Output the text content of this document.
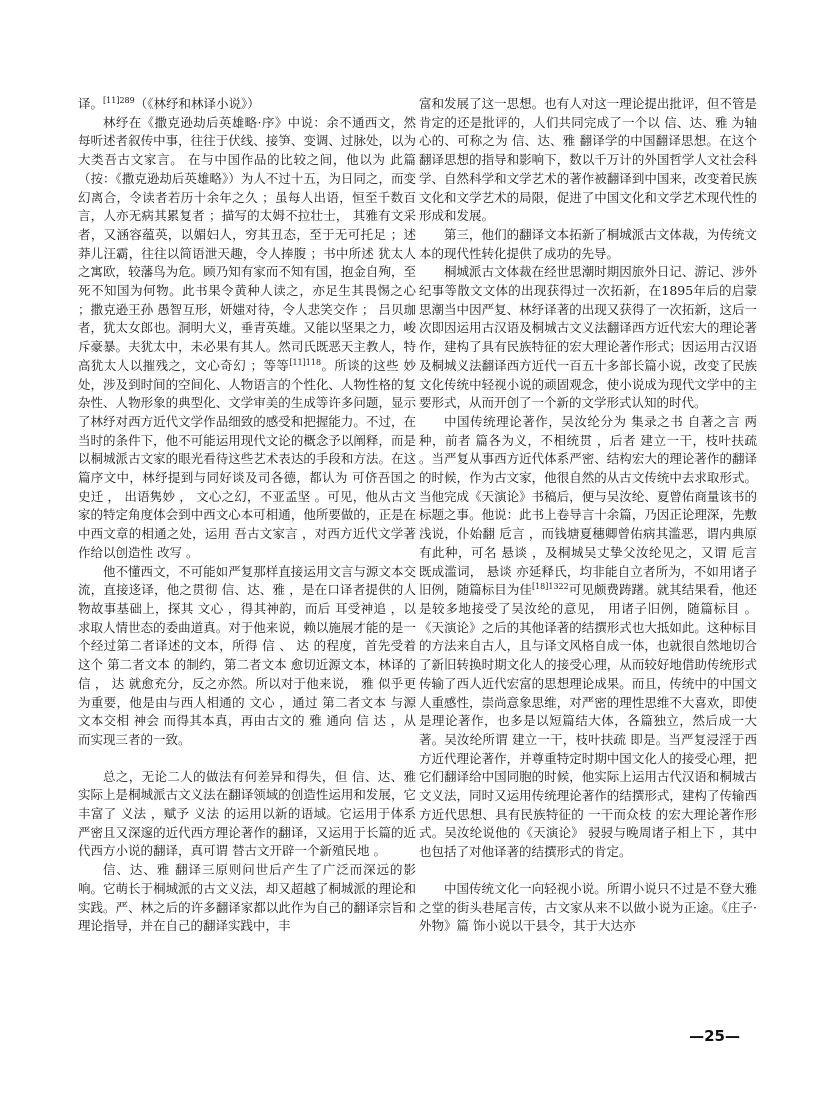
译。$^{[11]289}$（《林纾和林译小说》）

林纾在《撒克逊劫后英雄略·序》中说：余不通西文，然每听述者叙传中事，往往于伏线、接笋、变调、过脉处，以为大类吾古文家言。 在与中国作品的比较之间，他以为 此篇（按：《撒克逊劫后英雄略》）为人不过十五，为日同之，而变幻离合，令读者若历十余年之久 ；虽每人出语，恒至千数百言，人亦无病其累复者 ；描写的太姆不拉壮士， 其雅有文采者，又涵容蕴英，以媚妇人，穷其丑态，至于无可托足 ；述莽儿汪霸，往往以简语泄天趣，令人捧腹 ；书中所述 犹太人之寓欧，较藩鸟为危。顾乃知有家而不知有国，抱金自殉，至死不知国为何物。此书果令黄种人读之，亦足生其畏惕之心 ；撒克逊王孙 愚智互形，妍媸对待，令人悲笑交作 ； 吕贝珈者，犹太女郎也。洞明大义，垂青英雄。又能以坚果之力，峻斥豪暴。夫犹太中，未必果有其人。然司氏既恶天主教人，特高犹太人以摧残之，文心奇幻 ；等等$^{[11]118}$。所谈的这些 妙 处，涉及到时间的空间化、人物语言的个性化、人物性格的复杂性、人物形象的典型化、文学审美的生成等许多问题，显示了林纾对西方近代文学作品细致的感受和把握能力。不过，在当时的条件下，他不可能运用现代文论的概念予以阐释，而是以桐城派古文家的眼光看待这些艺术表达的手段和方法。在这篇序文中，林纾提到与同好谈及司各德，都认为 可侪吾国之史迁 ， 出语隽妙 ， 文心之幻，不亚孟坚 。可见，他从古文家的特定角度体会到中西文心本可相通，他所要做的，正是在中西文章的相通之处，运用 吾古文家言 ，对西方近代文学著作给以创造性 改写 。

他不懂西文，不可能如严复那样直接运用文言与源文本交流，直接迻译，他之贯彻 信、达、雅 ，是在口译者提供的人物故事基础上，探其 文心 ，得其神韵，而后 耳受神追 ，以求取人情世态的委曲道真。对于他来说，赖以施展才能的是一个经过第二者译述的文本，所得 信 、 达 的程度，首先受着这个 第二者文本 的制约，第二者文本 愈切近源文本，林译的 信 ， 达 就愈充分，反之亦然。所以对于他来说， 雅 似乎更为重要，他是由与西人相通的 文心 ，通过 第二者文本 与源文本交相 神会 而得其本真，再由古文的 雅 通向 信 达 ，从而实现三者的一致。

总之，无论二人的做法有何差异和得失，但 信、达、雅 实际上是桐城派古文义法在翻译领域的创造性运用和发展，它丰富了 义法 ，赋予 义法 的运用以新的语域。它运用于体系严密且又深邃的近代西方理论著作的翻译，又运用于长篇的近代西方小说的翻译，真可谓 替古文开辟一个新殖民地 。

信、达、雅 翻译三原则问世后产生了广泛而深远的影响。它萌长于桐城派的古文义法，却又超越了桐城派的理论和实践。严、林之后的许多翻译家都以此作为自己的翻译宗旨和理论指导，并在自己的翻译实践中，丰

富和发展了这一思想。也有人对这一理论提出批评，但不管是肯定的还是批评的，人们共同完成了一个以 信、达、雅 为轴心的、可称之为 信、达、雅 翻译学的中国翻译思想。在这个翻译思想的指导和影响下，数以千万计的外国哲学人文社会科学、自然科学和文学艺术的著作被翻译到中国来，改变着民族文化和文学艺术的局限，促进了中国文化和文学艺术现代性的形成和发展。

第三，他们的翻译文本拓新了桐城派古文体裁，为传统文本的现代性转化提供了成功的先导。

桐城派古文体裁在经世思潮时期因旅外日记、游记、涉外纪事等散文文体的出现获得过一次拓新，在1895年后的启蒙思潮当中因严复、林纾译著的出现又获得了一次拓新，这后一次即因运用古汉语及桐城古文义法翻译西方近代宏大的理论著作，建构了具有民族特征的宏大理论著作形式；因运用古汉语及桐城义法翻译西方近代一百五十多部长篇小说，改变了民族文化传统中轻视小说的顽固观念，使小说成为现代文学中的主要形式，从而开创了一个新的文学形式认知的时代。

中国传统理论著作，吴汝纶分为 集录之书 自著之言 两种，前者 篇各为义，不相统贯 ，后者 建立一干，枝叶扶疏 。当严复从事西方近代体系严密、结构宏大的理论著作的翻译的时候，作为古文家，他很自然的从古文传统中去求取形式。当他完成《天演论》书稿后，便与吴汝纶、夏曾佑商量该书的标题之事。他说：此书上卷导言十余篇，乃因正论理深，先敷浅说，仆始翻 卮言 ，而钱塘夏穗卿曾佑病其滥恶，谓内典原有此种，可名 悬谈 ，及桐城吴丈挚父汝纶见之，又谓 卮言 既成滥词， 悬谈 亦延释氏，均非能自立者所为，不如用诸子旧例，随篇标目为佳$^{[18]1322}$可见颇费踌躇。就其结果看，他还是较多地接受了吴汝纶的意见， 用诸子旧例，随篇标目 。《天演论》之后的其他译著的结撰形式也大抵如此。这种标目的方法来自古人，且与译文风格自成一体，也就很自然地切合了新旧转换时期文化人的接受心理，从而较好地借助传统形式传输了西人近代宏富的思想理论成果。而且，传统中的中国文人重感性，崇尚意象思维，对严密的理性思维不大喜欢，即使是理论著作，也多是以短篇结大体，各篇独立，然后成一大著。吴汝纶所谓 建立一干，枝叶扶疏 即是。当严复浸淫于西方近代理论著作，并尊重特定时期中国文化人的接受心理，把它们翻译给中国同胞的时候，他实际上运用古代汉语和桐城古文义法，同时又运用传统理论著作的结撰形式，建构了传输西方近代思想、具有民族特征的 一干而众枝 的宏大理论著作形式。吴汝纶说他的《天演论》 骎骎与晚周诸子相上下 ，其中也包括了对他译著的结撰形式的肯定。

中国传统文化一向轻视小说。所谓小说只不过是不登大雅之堂的街头巷尾言传，古文家从来不以做小说为正途。《庄子·外物》篇 饰小说以干县令，其于大达亦

—25—
